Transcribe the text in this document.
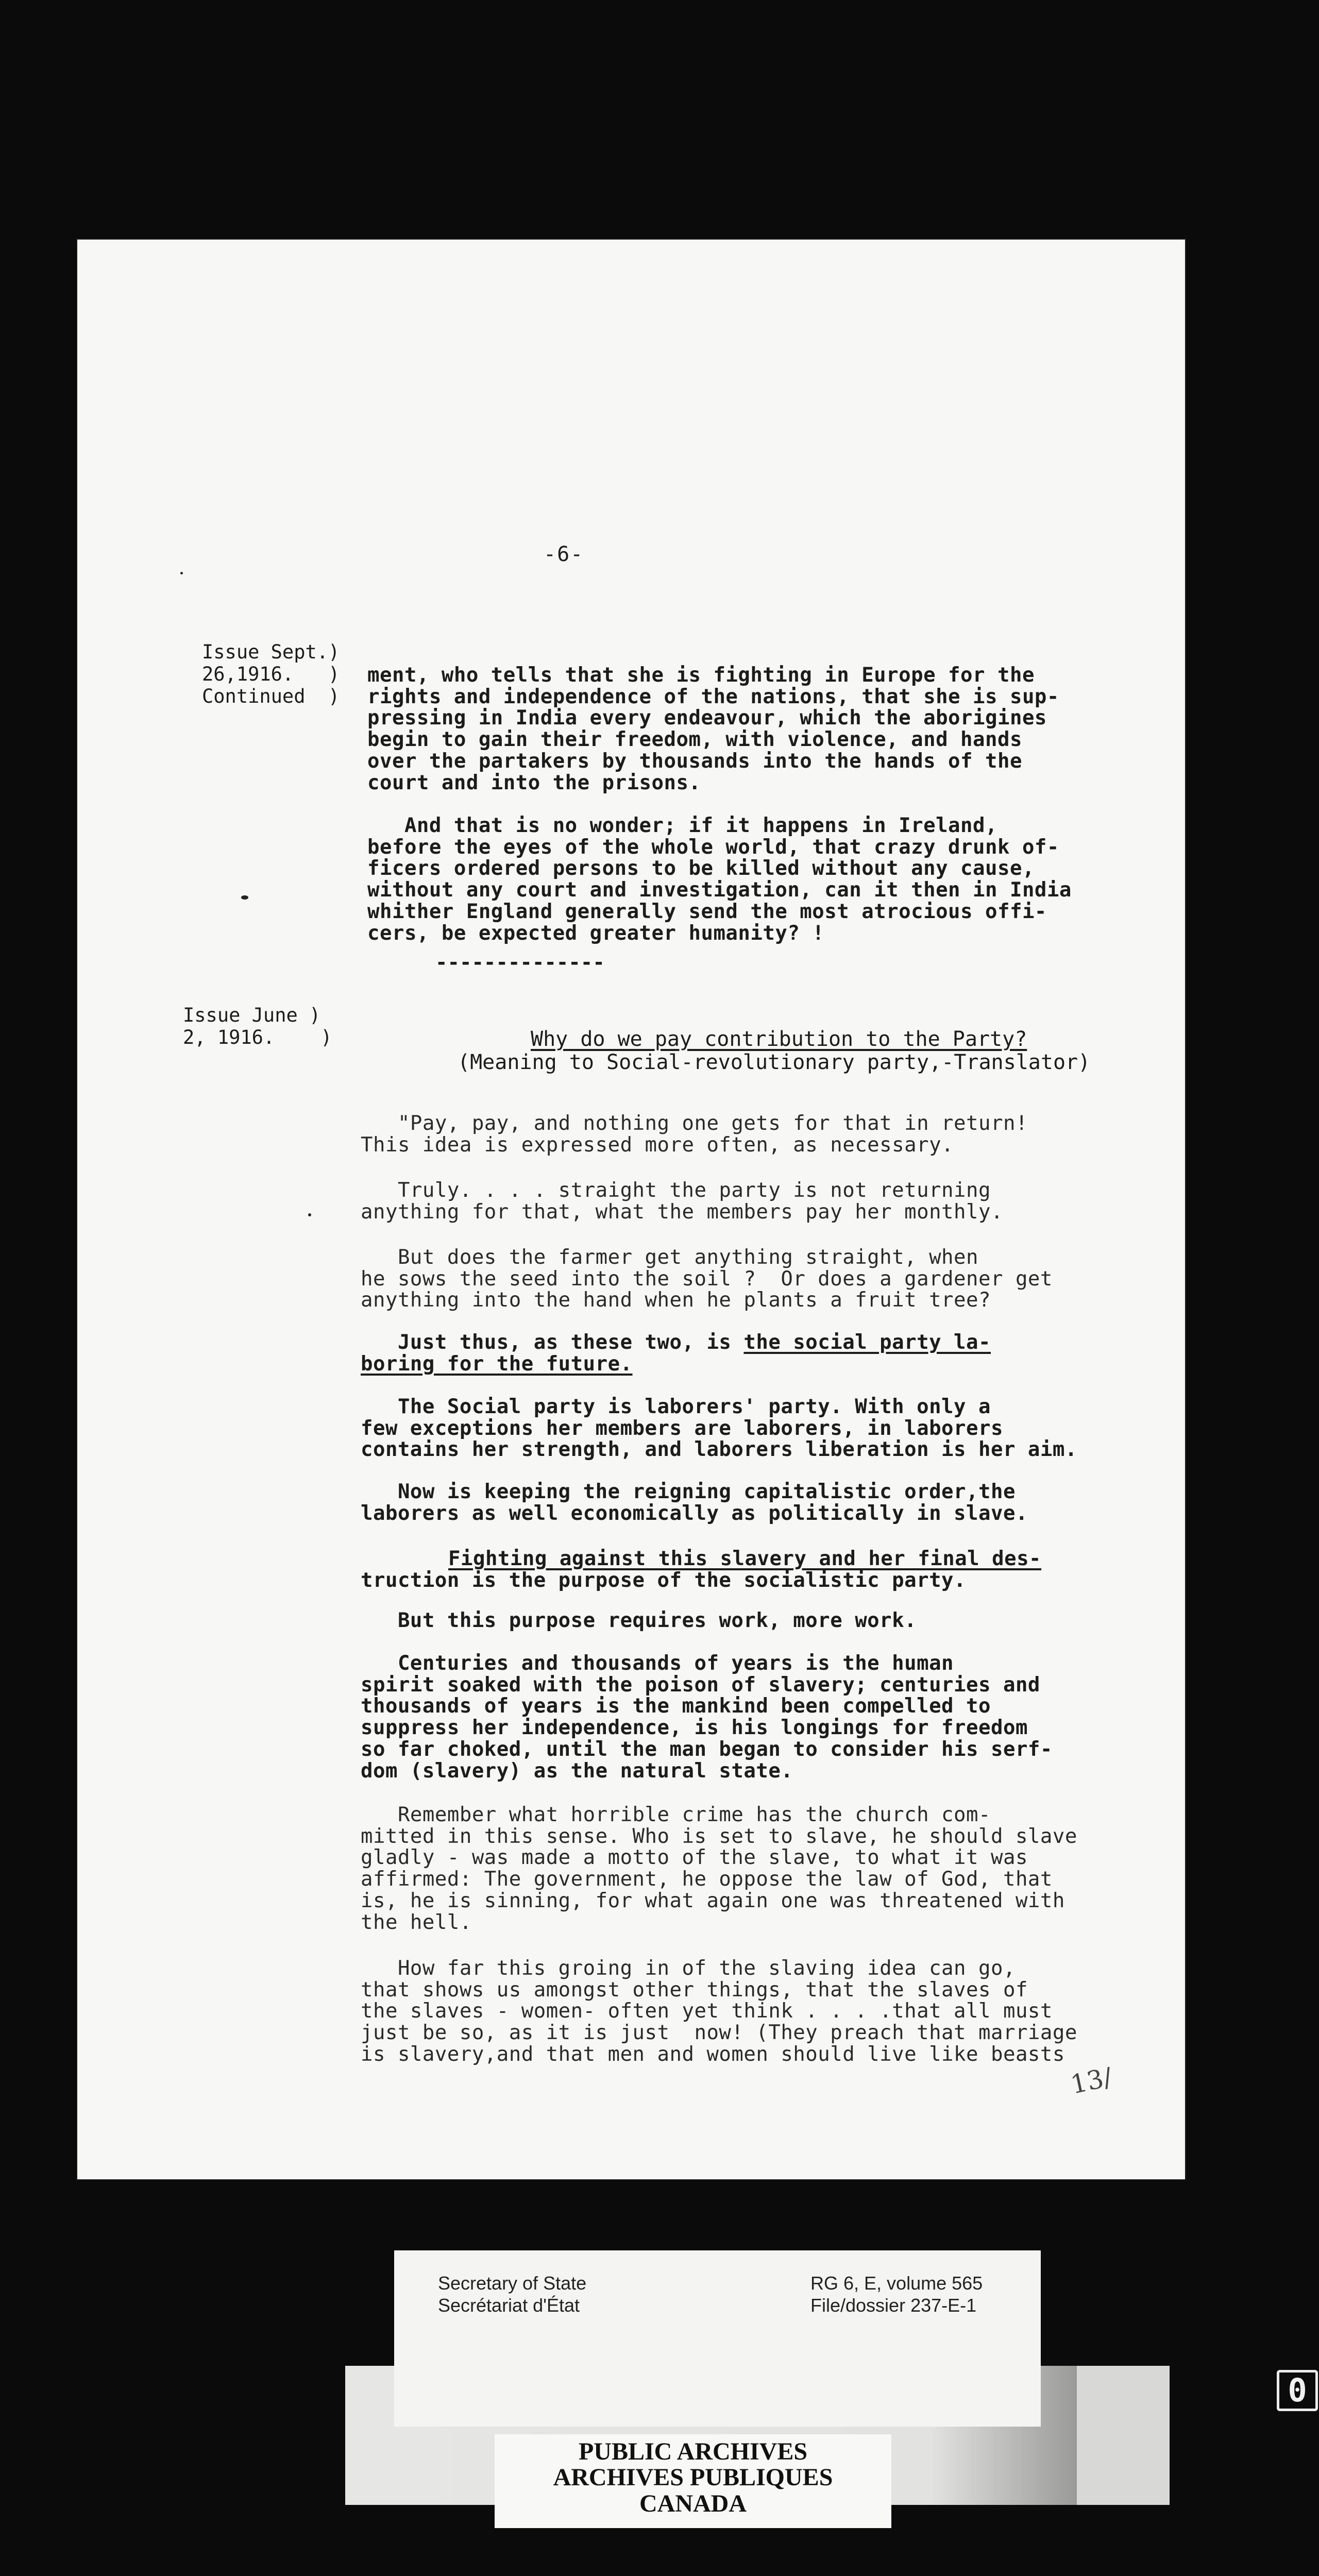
-6-
Issue Sept.)
26,1916.   )
Continued  )
Issue June )
2, 1916.    )
ment, who tells that she is fighting in Europe for the
rights and independence of the nations, that she is sup-
pressing in India every endeavour, which the aborigines
begin to gain their freedom, with violence, and hands
over the partakers by thousands into the hands of the
court and into the prisons.
And that is no wonder; if it happens in Ireland,
before the eyes of the whole world, that crazy drunk of-
ficers ordered persons to be killed without any cause,
without any court and investigation, can it then in India
whither England generally send the most atrocious offi-
cers, be expected greater humanity? !
--------------
Why do we pay contribution to the Party?
(Meaning to Social-revolutionary party,-Translator)
"Pay, pay, and nothing one gets for that in return!
This idea is expressed more often, as necessary.
Truly. . . . straight the party is not returning
anything for that, what the members pay her monthly.
But does the farmer get anything straight, when
he sows the seed into the soil ?  Or does a gardener get
anything into the hand when he plants a fruit tree?
Just thus, as these two, is the social party la-
boring for the future.
The Social party is laborers' party. With only a
few exceptions her members are laborers, in laborers
contains her strength, and laborers liberation is her aim.
Now is keeping the reigning capitalistic order,the
laborers as well economically as politically in slave.
Fighting against this slavery and her final des-
truction is the purpose of the socialistic party.
But this purpose requires work, more work.
Centuries and thousands of years is the human
spirit soaked with the poison of slavery; centuries and
thousands of years is the mankind been compelled to
suppress her independence, is his longings for freedom
so far choked, until the man began to consider his serf-
dom (slavery) as the natural state.
Remember what horrible crime has the church com-
mitted in this sense. Who is set to slave, he should slave
gladly - was made a motto of the slave, to what it was
affirmed: The government, he oppose the law of God, that
is, he is sinning, for what again one was threatened with
the hell.
How far this groing in of the slaving idea can go,
that shows us amongst other things, that the slaves of
the slaves - women- often yet think . . . .that all must
just be so, as it is just  now! (They preach that marriage
is slavery,and that men and women should live like beasts
13/
Secretary of State
Secrétariat d'État
RG 6, E, volume 565
File/dossier 237-E-1
PUBLIC ARCHIVES
ARCHIVES PUBLIQUES
CANADA
0
